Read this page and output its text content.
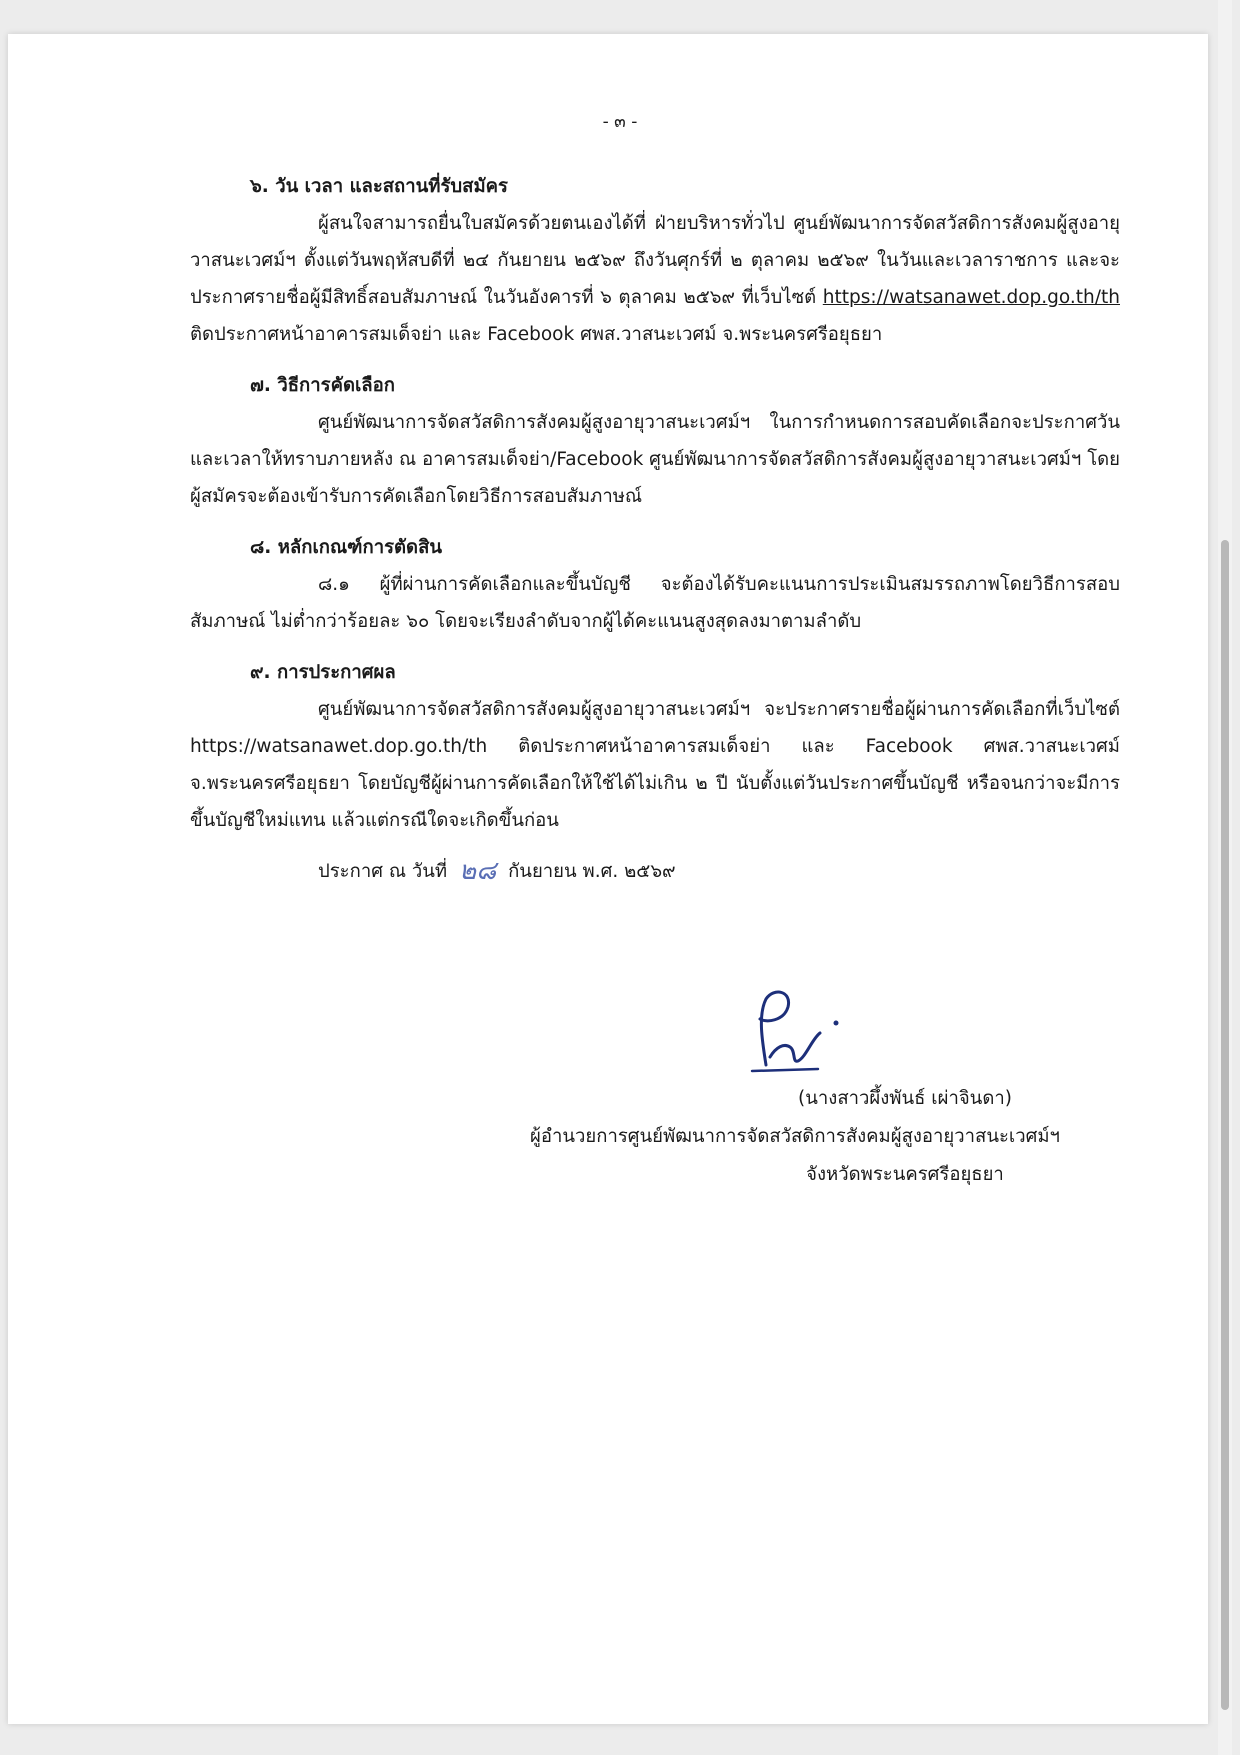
- ๓ -

๖. วัน เวลา และสถานที่รับสมัคร

ผู้สนใจสามารถยื่นใบสมัครด้วยตนเองได้ที่ ฝ่ายบริหารทั่วไป ศูนย์พัฒนาการจัดสวัสดิการสังคมผู้สูงอายุวาสนะเวศม์ฯ ตั้งแต่วันพฤหัสบดีที่ ๒๔ กันยายน ๒๕๖๙ ถึงวันศุกร์ที่ ๒ ตุลาคม ๒๕๖๙ ในวันและเวลาราชการ และจะประกาศรายชื่อผู้มีสิทธิ์สอบสัมภาษณ์ ในวันอังคารที่ ๖ ตุลาคม ๒๕๖๙ ที่เว็บไซต์ https://watsanawet.dop.go.th/th ติดประกาศหน้าอาคารสมเด็จย่า และ Facebook ศพส.วาสนะเวศม์ จ.พระนครศรีอยุธยา

๗. วิธีการคัดเลือก

ศูนย์พัฒนาการจัดสวัสดิการสังคมผู้สูงอายุวาสนะเวศม์ฯ ในการกำหนดการสอบคัดเลือกจะประกาศวันและเวลาให้ทราบภายหลัง ณ อาคารสมเด็จย่า/Facebook ศูนย์พัฒนาการจัดสวัสดิการสังคมผู้สูงอายุวาสนะเวศม์ฯ โดยผู้สมัครจะต้องเข้ารับการคัดเลือกโดยวิธีการสอบสัมภาษณ์

๘. หลักเกณฑ์การตัดสิน

๘.๑ ผู้ที่ผ่านการคัดเลือกและขึ้นบัญชี จะต้องได้รับคะแนนการประเมินสมรรถภาพโดยวิธีการสอบสัมภาษณ์ ไม่ต่ำกว่าร้อยละ ๖๐ โดยจะเรียงลำดับจากผู้ได้คะแนนสูงสุดลงมาตามลำดับ

๙. การประกาศผล

ศูนย์พัฒนาการจัดสวัสดิการสังคมผู้สูงอายุวาสนะเวศม์ฯ จะประกาศรายชื่อผู้ผ่านการคัดเลือกที่เว็บไซต์ https://watsanawet.dop.go.th/th ติดประกาศหน้าอาคารสมเด็จย่า และ Facebook ศพส.วาสนะเวศม์ จ.พระนครศรีอยุธยา โดยบัญชีผู้ผ่านการคัดเลือกให้ใช้ได้ไม่เกิน ๒ ปี นับตั้งแต่วันประกาศขึ้นบัญชี หรือจนกว่าจะมีการขึ้นบัญชีใหม่แทน แล้วแต่กรณีใดจะเกิดขึ้นก่อน

ประกาศ ณ วันที่ ๒๘ กันยายน พ.ศ. ๒๕๖๙
(นางสาวผึ้งพันธ์ เผ่าจินดา)
ผู้อำนวยการศูนย์พัฒนาการจัดสวัสดิการสังคมผู้สูงอายุวาสนะเวศม์ฯ
จังหวัดพระนครศรีอยุธยา
